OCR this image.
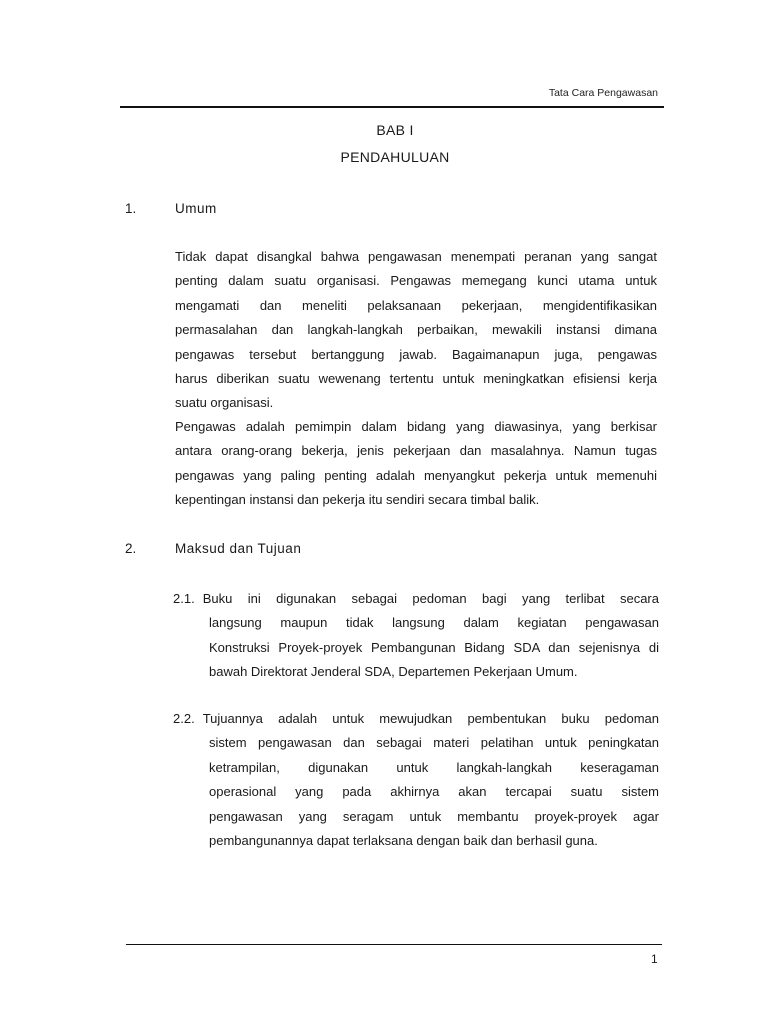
Tata Cara Pengawasan
BAB I
PENDAHULUAN
1.	Umum
Tidak dapat disangkal bahwa pengawasan menempati peranan yang sangat
penting dalam suatu organisasi. Pengawas memegang kunci utama untuk
mengamati dan meneliti pelaksanaan pekerjaan, mengidentifikasikan
permasalahan dan langkah-langkah perbaikan, mewakili instansi dimana
pengawas tersebut bertanggung jawab. Bagaimanapun juga, pengawas
harus diberikan suatu wewenang tertentu untuk meningkatkan efisiensi kerja
suatu organisasi.
Pengawas adalah pemimpin dalam bidang yang diawasinya, yang berkisar
antara orang-orang bekerja, jenis pekerjaan dan masalahnya. Namun tugas
pengawas yang paling penting adalah menyangkut pekerja untuk memenuhi
kepentingan instansi dan pekerja itu sendiri secara timbal balik.
2.	Maksud dan Tujuan
2.1. Buku ini digunakan sebagai pedoman bagi yang terlibat secara
langsung maupun tidak langsung dalam kegiatan pengawasan
Konstruksi Proyek-proyek Pembangunan Bidang SDA dan sejenisnya di
bawah Direktorat Jenderal SDA, Departemen Pekerjaan Umum.
2.2. Tujuannya adalah untuk mewujudkan pembentukan buku pedoman
sistem pengawasan dan sebagai materi pelatihan untuk peningkatan
ketrampilan, digunakan untuk langkah-langkah keseragaman
operasional yang pada akhirnya akan tercapai suatu sistem
pengawasan yang seragam untuk membantu proyek-proyek agar
pembangunannya dapat terlaksana dengan baik dan berhasil guna.
1
